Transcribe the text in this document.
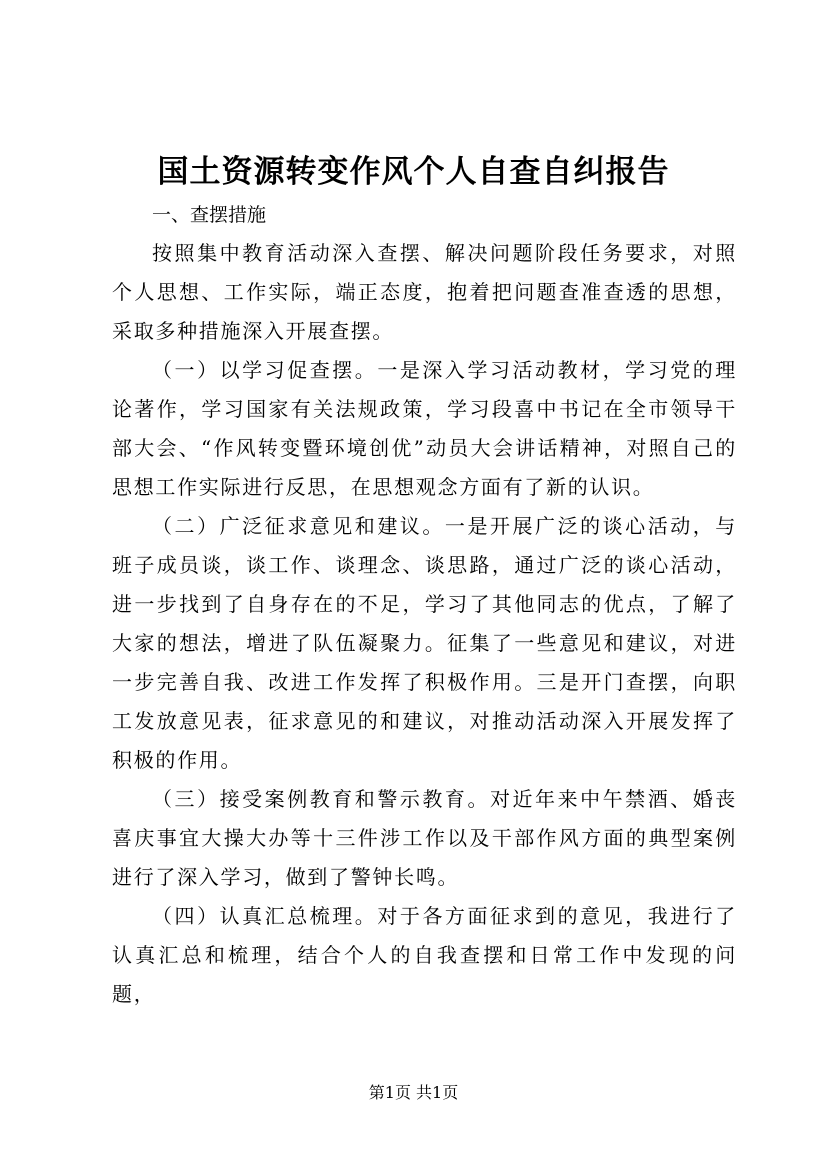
国土资源转变作风个人自查自纠报告

一、查摆措施

按照集中教育活动深入查摆、解决问题阶段任务要求，对照个人思想、工作实际，端正态度，抱着把问题查准查透的思想，采取多种措施深入开展查摆。

（一）以学习促查摆。一是深入学习活动教材，学习党的理论著作，学习国家有关法规政策，学习段喜中书记在全市领导干部大会、“作风转变暨环境创优”动员大会讲话精神，对照自己的思想工作实际进行反思，在思想观念方面有了新的认识。

（二）广泛征求意见和建议。一是开展广泛的谈心活动，与班子成员谈，谈工作、谈理念、谈思路，通过广泛的谈心活动，进一步找到了自身存在的不足，学习了其他同志的优点，了解了大家的想法，增进了队伍凝聚力。征集了一些意见和建议，对进一步完善自我、改进工作发挥了积极作用。三是开门查摆，向职工发放意见表，征求意见的和建议，对推动活动深入开展发挥了积极的作用。

（三）接受案例教育和警示教育。对近年来中午禁酒、婚丧喜庆事宜大操大办等十三件涉工作以及干部作风方面的典型案例进行了深入学习，做到了警钟长鸣。

（四）认真汇总梳理。对于各方面征求到的意见，我进行了认真汇总和梳理，结合个人的自我查摆和日常工作中发现的问题，

第1页 共1页
